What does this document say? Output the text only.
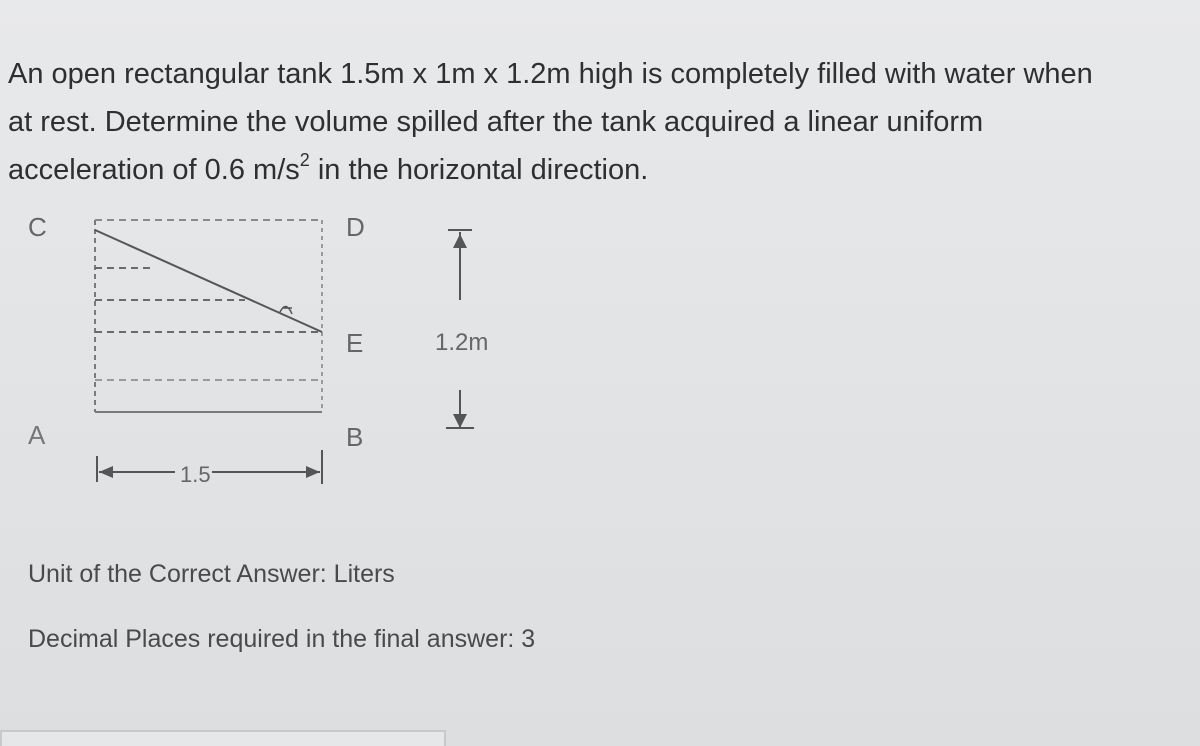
An open rectangular tank 1.5m x 1m x 1.2m high is completely filled with water when
at rest. Determine the volume spilled after the tank acquired a linear uniform
acceleration of 0.6 $m/s^2$ in the horizontal direction.
C	D
E
A	B
1.2m
1.5
Unit of the Correct Answer: Liters
Decimal Places required in the final answer: 3
